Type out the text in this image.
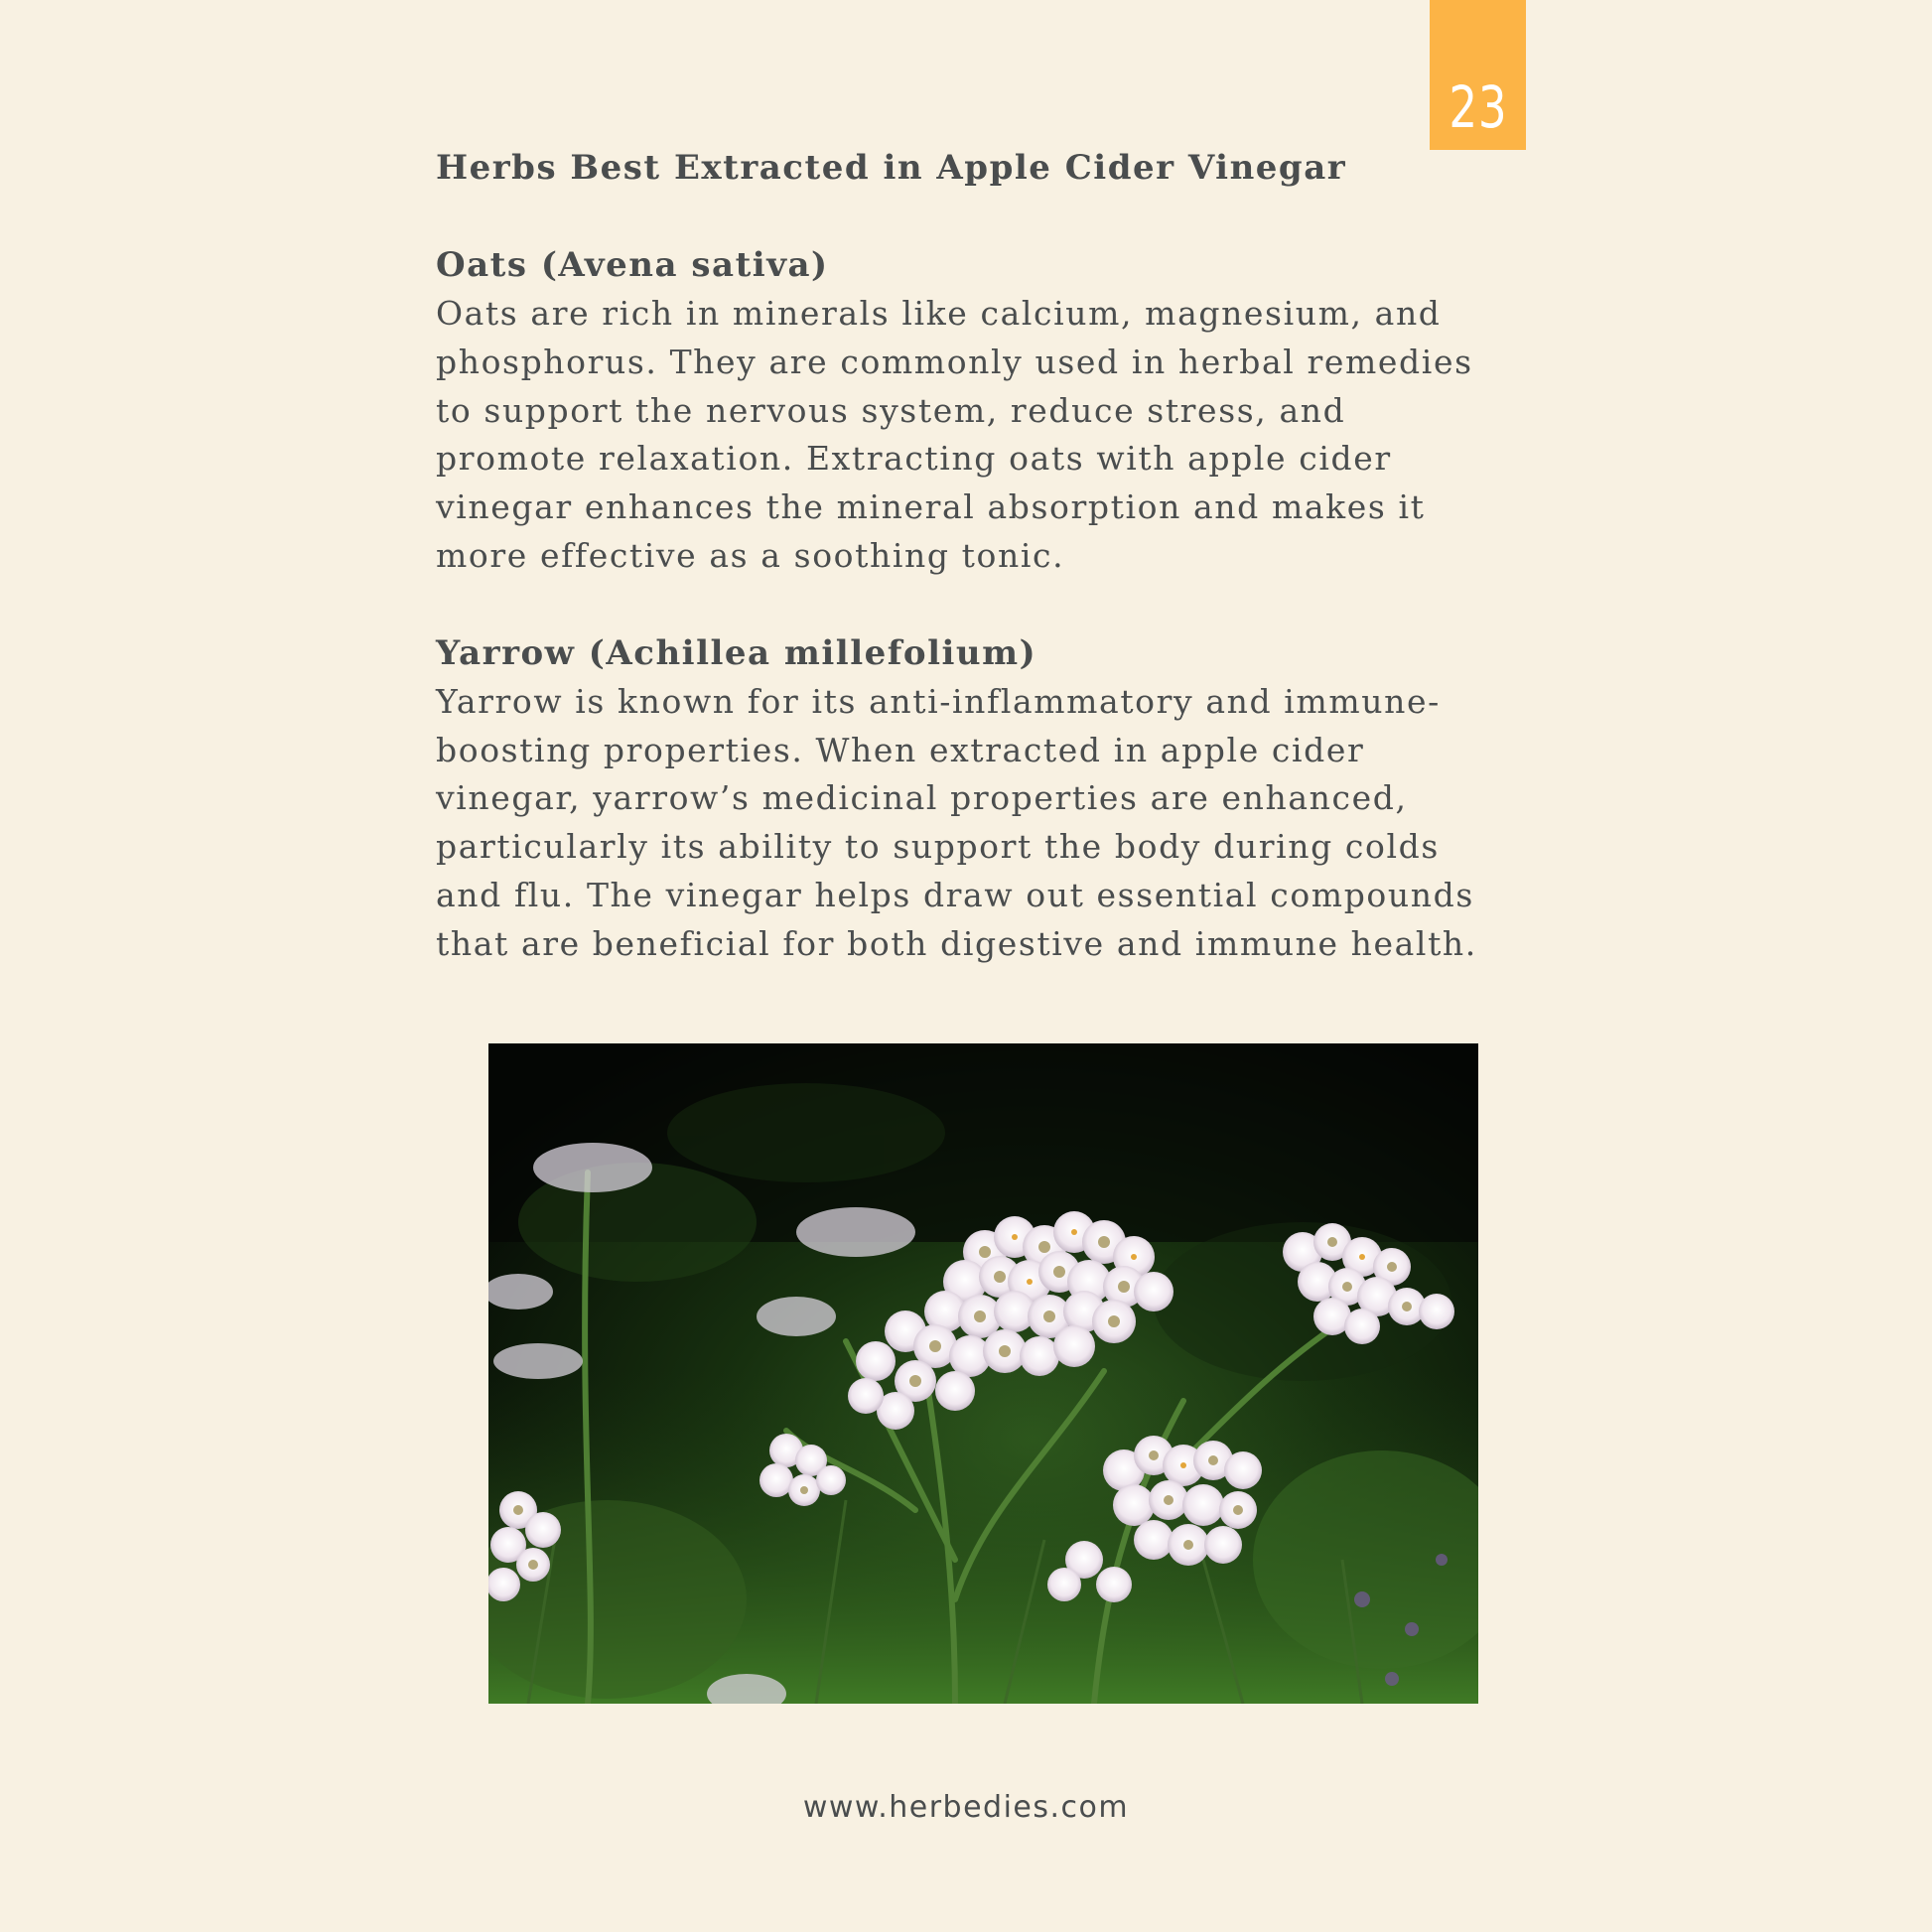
23
Herbs Best Extracted in Apple Cider Vinegar
Oats (Avena sativa)

Oats are rich in minerals like calcium, magnesium, and phosphorus. They are commonly used in herbal remedies to support the nervous system, reduce stress, and promote relaxation. Extracting oats with apple cider vinegar enhances the mineral absorption and makes it more effective as a soothing tonic.

Yarrow (Achillea millefolium)

Yarrow is known for its anti-inflammatory and immune-boosting properties. When extracted in apple cider vinegar, yarrow’s medicinal properties are enhanced, particularly its ability to support the body during colds and flu. The vinegar helps draw out essential compounds that are beneficial for both digestive and immune health.

www.herbedies.com
